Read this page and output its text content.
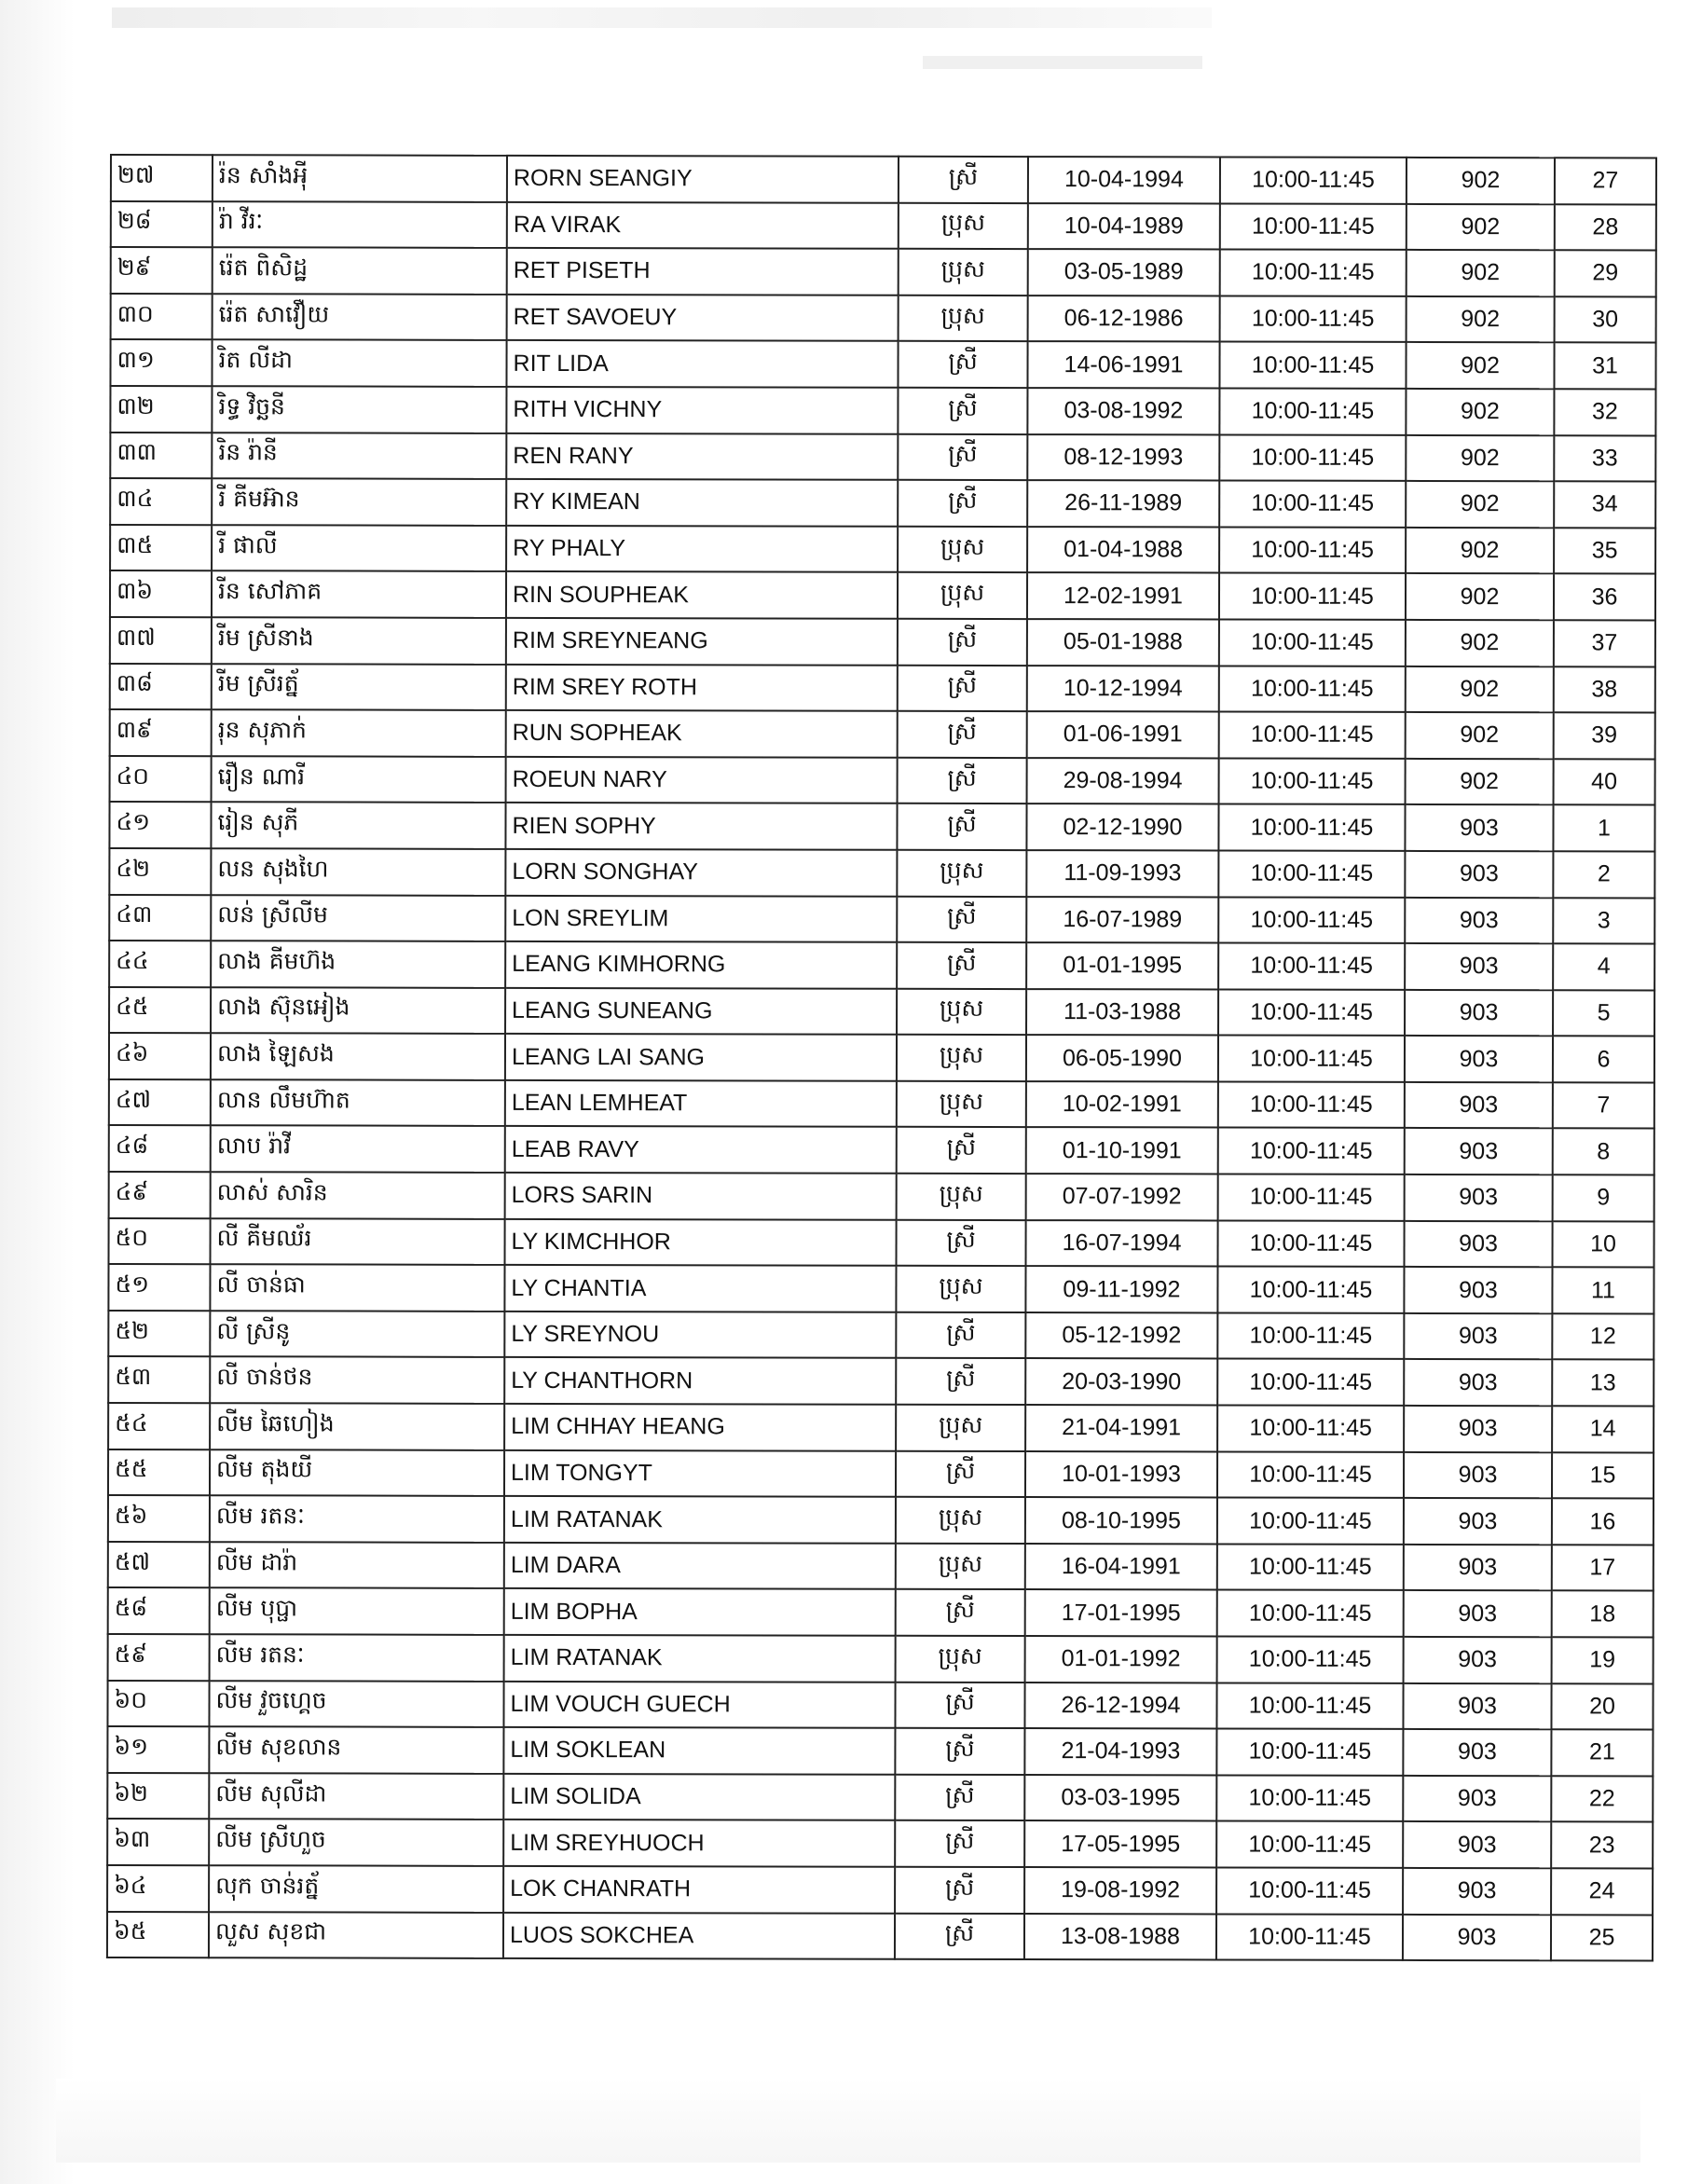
២៧	រ៉ន សាំងអុី	RORN SEANGIY	ស្រី	10-04-1994	10:00-11:45	902	27
២៨	រ៉ា វីរៈ	RA VIRAK	ប្រុស	10-04-1989	10:00-11:45	902	28
២៩	រ៉េត ពិសិដ្ឋ	RET PISETH	ប្រុស	03-05-1989	10:00-11:45	902	29
៣០	រ៉េត សាវឿយ	RET SAVOEUY	ប្រុស	06-12-1986	10:00-11:45	902	30
៣១	រិត លីដា	RIT LIDA	ស្រី	14-06-1991	10:00-11:45	902	31
៣២	រិទ្ធ វិច្ឆនី	RITH VICHNY	ស្រី	03-08-1992	10:00-11:45	902	32
៣៣	រិន រ៉ានី	REN RANY	ស្រី	08-12-1993	10:00-11:45	902	33
៣៤	រី គីមអ៊ាន	RY KIMEAN	ស្រី	26-11-1989	10:00-11:45	902	34
៣៥	រី ផាលី	RY PHALY	ប្រុស	01-04-1988	10:00-11:45	902	35
៣៦	រីន សៅភាគ	RIN SOUPHEAK	ប្រុស	12-02-1991	10:00-11:45	902	36
៣៧	រីម ស្រីនាង	RIM SREYNEANG	ស្រី	05-01-1988	10:00-11:45	902	37
៣៨	រីម ស្រីរត្ន័	RIM SREY ROTH	ស្រី	10-12-1994	10:00-11:45	902	38
៣៩	រុន សុភាក់	RUN SOPHEAK	ស្រី	01-06-1991	10:00-11:45	902	39
៤០	រឿន ណារី	ROEUN NARY	ស្រី	29-08-1994	10:00-11:45	902	40
៤១	រៀន សុភី	RIEN SOPHY	ស្រី	02-12-1990	10:00-11:45	903	1
៤២	លន សុងហៃ	LORN SONGHAY	ប្រុស	11-09-1993	10:00-11:45	903	2
៤៣	លន់ ស្រីលីម	LON SREYLIM	ស្រី	16-07-1989	10:00-11:45	903	3
៤៤	លាង គីមហ៊ង	LEANG KIMHORNG	ស្រី	01-01-1995	10:00-11:45	903	4
៤៥	លាង ស៊ុនអៀង	LEANG SUNEANG	ប្រុស	11-03-1988	10:00-11:45	903	5
៤៦	លាង ឡៃសង	LEANG LAI SANG	ប្រុស	06-05-1990	10:00-11:45	903	6
៤៧	លាន លឹមហ៊ាត	LEAN LEMHEAT	ប្រុស	10-02-1991	10:00-11:45	903	7
៤៨	លាប រ៉ាវី	LEAB RAVY	ស្រី	01-10-1991	10:00-11:45	903	8
៤៩	លាស់ សារិន	LORS SARIN	ប្រុស	07-07-1992	10:00-11:45	903	9
៥០	លី គីមឈ័រ	LY KIMCHHOR	ស្រី	16-07-1994	10:00-11:45	903	10
៥១	លី ចាន់ធា	LY CHANTIA	ប្រុស	09-11-1992	10:00-11:45	903	11
៥២	លី ស្រីនូ	LY SREYNOU	ស្រី	05-12-1992	10:00-11:45	903	12
៥៣	លី ចាន់ថន	LY CHANTHORN	ស្រី	20-03-1990	10:00-11:45	903	13
៥៤	លីម ឆៃហៀង	LIM CHHAY HEANG	ប្រុស	21-04-1991	10:00-11:45	903	14
៥៥	លីម តុងយី	LIM TONGYT	ស្រី	10-01-1993	10:00-11:45	903	15
៥៦	លីម រតនៈ	LIM RATANAK	ប្រុស	08-10-1995	10:00-11:45	903	16
៥៧	លីម ដារ៉ា	LIM DARA	ប្រុស	16-04-1991	10:00-11:45	903	17
៥៨	លីម បុប្ផា	LIM BOPHA	ស្រី	17-01-1995	10:00-11:45	903	18
៥៩	លីម រតនៈ	LIM RATANAK	ប្រុស	01-01-1992	10:00-11:45	903	19
៦០	លីម វួចហ្គេច	LIM VOUCH GUECH	ស្រី	26-12-1994	10:00-11:45	903	20
៦១	លីម សុខលាន	LIM SOKLEAN	ស្រី	21-04-1993	10:00-11:45	903	21
៦២	លីម សុលីដា	LIM SOLIDA	ស្រី	03-03-1995	10:00-11:45	903	22
៦៣	លីម ស្រីហួច	LIM SREYHUOCH	ស្រី	17-05-1995	10:00-11:45	903	23
៦៤	លុក ចាន់រត្ន័	LOK CHANRATH	ស្រី	19-08-1992	10:00-11:45	903	24
៦៥	លួស សុខជា	LUOS SOKCHEA	ស្រី	13-08-1988	10:00-11:45	903	25
